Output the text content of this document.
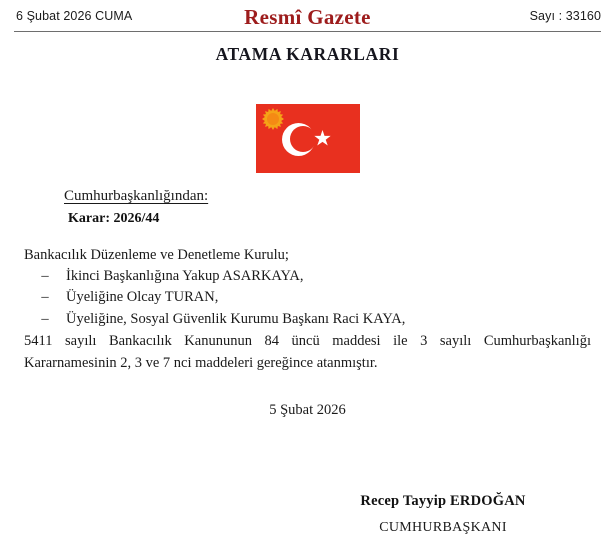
6 Şubat 2026 CUMA	Resmî Gazete	Sayı : 33160
ATAMA KARARLARI

Cumhurbaşkanlığından:

Karar: 2026/44

Bankacılık Düzenleme ve Denetleme Kurulu;

–	İkinci Başkanlığına Yakup ASARKAYA,
–	Üyeliğine Olcay TURAN,
–	Üyeliğine, Sosyal Güvenlik Kurumu Başkanı Raci KAYA,

5411 sayılı Bankacılık Kanununun 84 üncü maddesi ile 3 sayılı Cumhurbaşkanlığı Kararnamesinin 2, 3 ve 7 nci maddeleri gereğince atanmıştır.

5 Şubat 2026
Recep Tayyip ERDOĞAN
CUMHURBAŞKANI
